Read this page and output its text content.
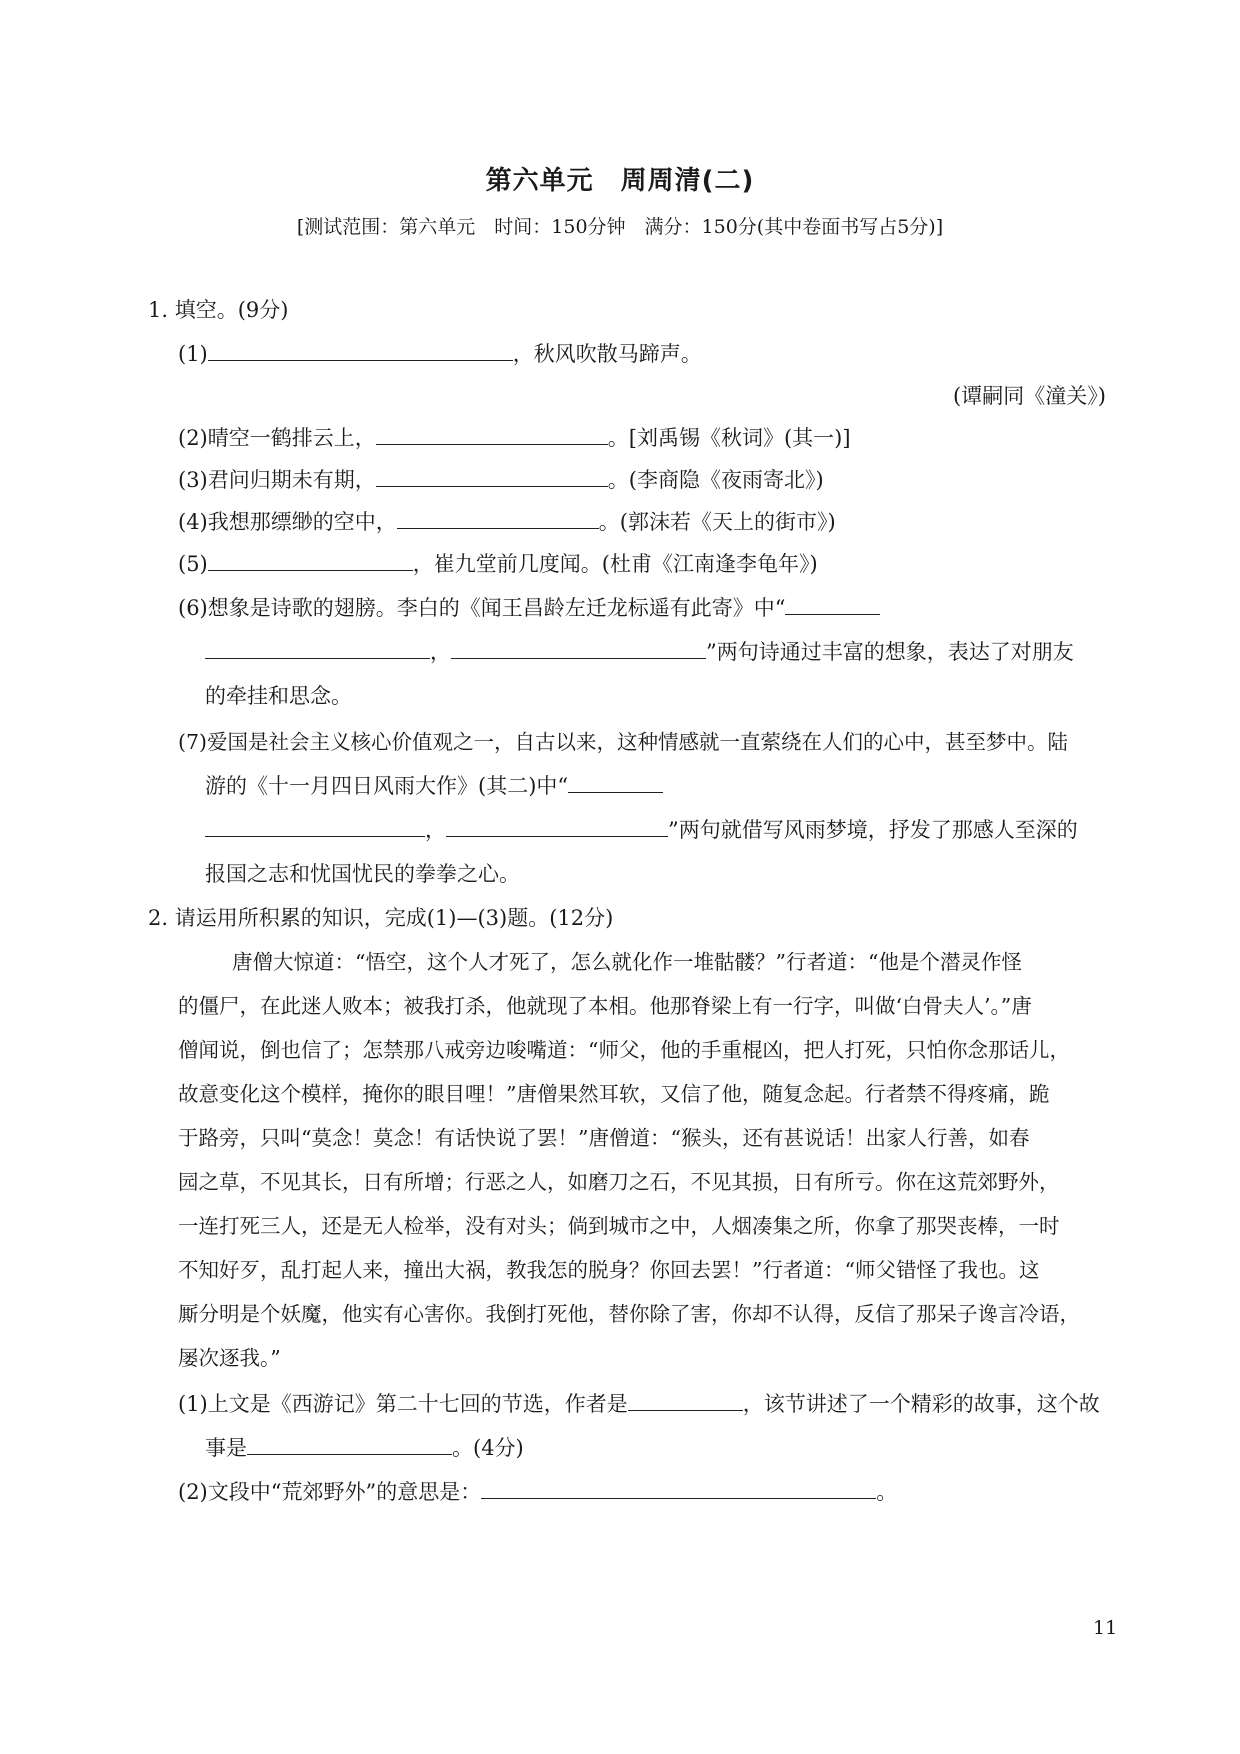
第六单元　周周清(二)
[测试范围：第六单元　时间：150分钟　满分：150分(其中卷面书写占5分)]
1. 填空。(9分)
(1)	，秋风吹散马蹄声。
(谭嗣同《潼关》)
(2)晴空一鹤排云上，	。[刘禹锡《秋词》(其一)]
(3)君问归期未有期，	。(李商隐《夜雨寄北》)
(4)我想那缥缈的空中，	。(郭沫若《天上的街市》)
(5)	，崔九堂前几度闻。(杜甫《江南逢李龟年》)
(6)想象是诗歌的翅膀。李白的《闻王昌龄左迁龙标遥有此寄》中“
，	”两句诗通过丰富的想象，表达了对朋友
的牵挂和思念。
(7)爱国是社会主义核心价值观之一，自古以来，这种情感就一直萦绕在人们的心中，甚至梦中。陆
游的《十一月四日风雨大作》(其二)中“
，	”两句就借写风雨梦境，抒发了那感人至深的
报国之志和忧国忧民的拳拳之心。
2. 请运用所积累的知识，完成(1)—(3)题。(12分)
唐僧大惊道：“悟空，这个人才死了，怎么就化作一堆骷髅？”行者道：“他是个潜灵作怪
的僵尸，在此迷人败本；被我打杀，他就现了本相。他那脊梁上有一行字，叫做‘白骨夫人’。”唐
僧闻说，倒也信了；怎禁那八戒旁边唆嘴道：“师父，他的手重棍凶，把人打死，只怕你念那话儿，
故意变化这个模样，掩你的眼目哩！”唐僧果然耳软，又信了他，随复念起。行者禁不得疼痛，跪
于路旁，只叫“莫念！莫念！有话快说了罢！”唐僧道：“猴头，还有甚说话！出家人行善，如春
园之草，不见其长，日有所增；行恶之人，如磨刀之石，不见其损，日有所亏。你在这荒郊野外，
一连打死三人，还是无人检举，没有对头；倘到城市之中，人烟凑集之所，你拿了那哭丧棒，一时
不知好歹，乱打起人来，撞出大祸，教我怎的脱身？你回去罢！”行者道：“师父错怪了我也。这
厮分明是个妖魔，他实有心害你。我倒打死他，替你除了害，你却不认得，反信了那呆子谗言冷语，
屡次逐我。”
(1)上文是《西游记》第二十七回的节选，作者是	，该节讲述了一个精彩的故事，这个故
事是	。(4分)
(2)文段中“荒郊野外”的意思是：	。
11
